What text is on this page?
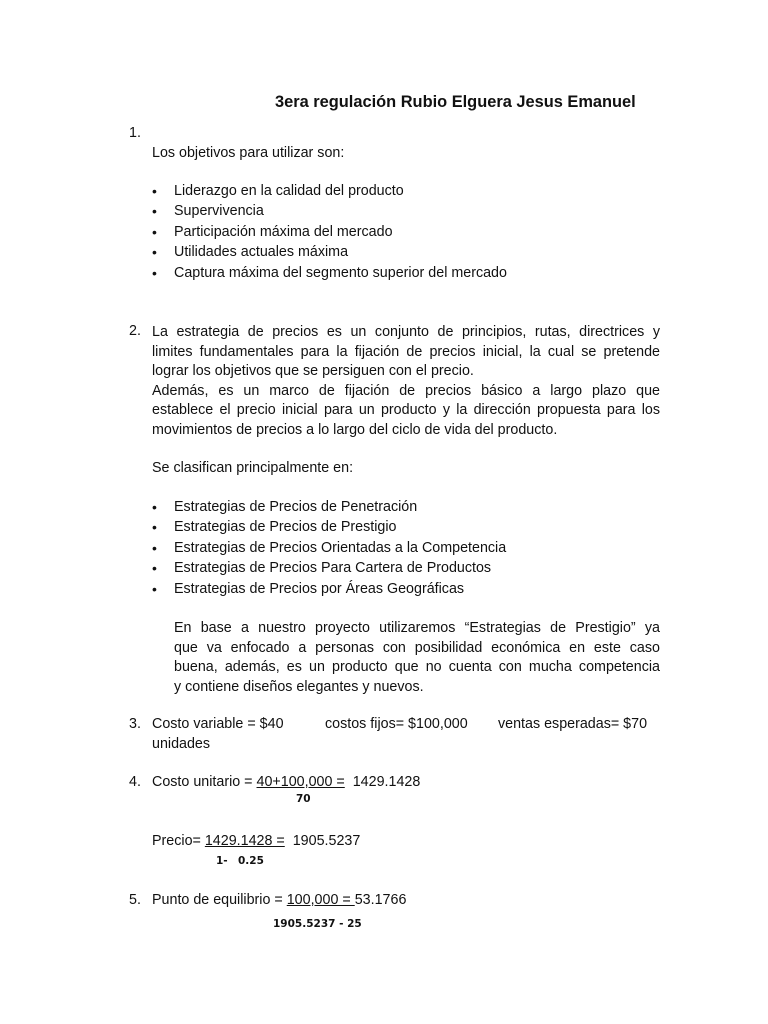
3era regulación Rubio Elguera Jesus Emanuel
1.
Los objetivos para utilizar son:
• Liderazgo en la calidad del producto
• Supervivencia
• Participación máxima del mercado
• Utilidades actuales máxima
• Captura máxima del segmento superior del mercado
2. La estrategia de precios es un conjunto de principios, rutas, directrices y
limites fundamentales para la fijación de precios inicial, la cual se pretende
lograr los objetivos que se persiguen con el precio.
Además, es un marco de fijación de precios básico a largo plazo que
establece el precio inicial para un producto y la dirección propuesta para los
movimientos de precios a lo largo del ciclo de vida del producto.
Se clasifican principalmente en:
• Estrategias de Precios de Penetración
• Estrategias de Precios de Prestigio
• Estrategias de Precios Orientadas a la Competencia
• Estrategias de Precios Para Cartera de Productos
• Estrategias de Precios por Áreas Geográficas
En base a nuestro proyecto utilizaremos “Estrategias de Prestigio” ya
que va enfocado a personas con posibilidad económica en este caso
buena, además, es un producto que no cuenta con mucha competencia
y contiene diseños elegantes y nuevos.
3. Costo variable = $40	costos fijos= $100,000 ventas esperadas= $70
unidades
4. Costo unitario = 40+100,000 = 1429.1428
70
Precio= 1429.1428 = 1905.5237
1- 0.25
5. Punto de equilibrio = 100,000 = 53.1766
1905.5237 - 25
